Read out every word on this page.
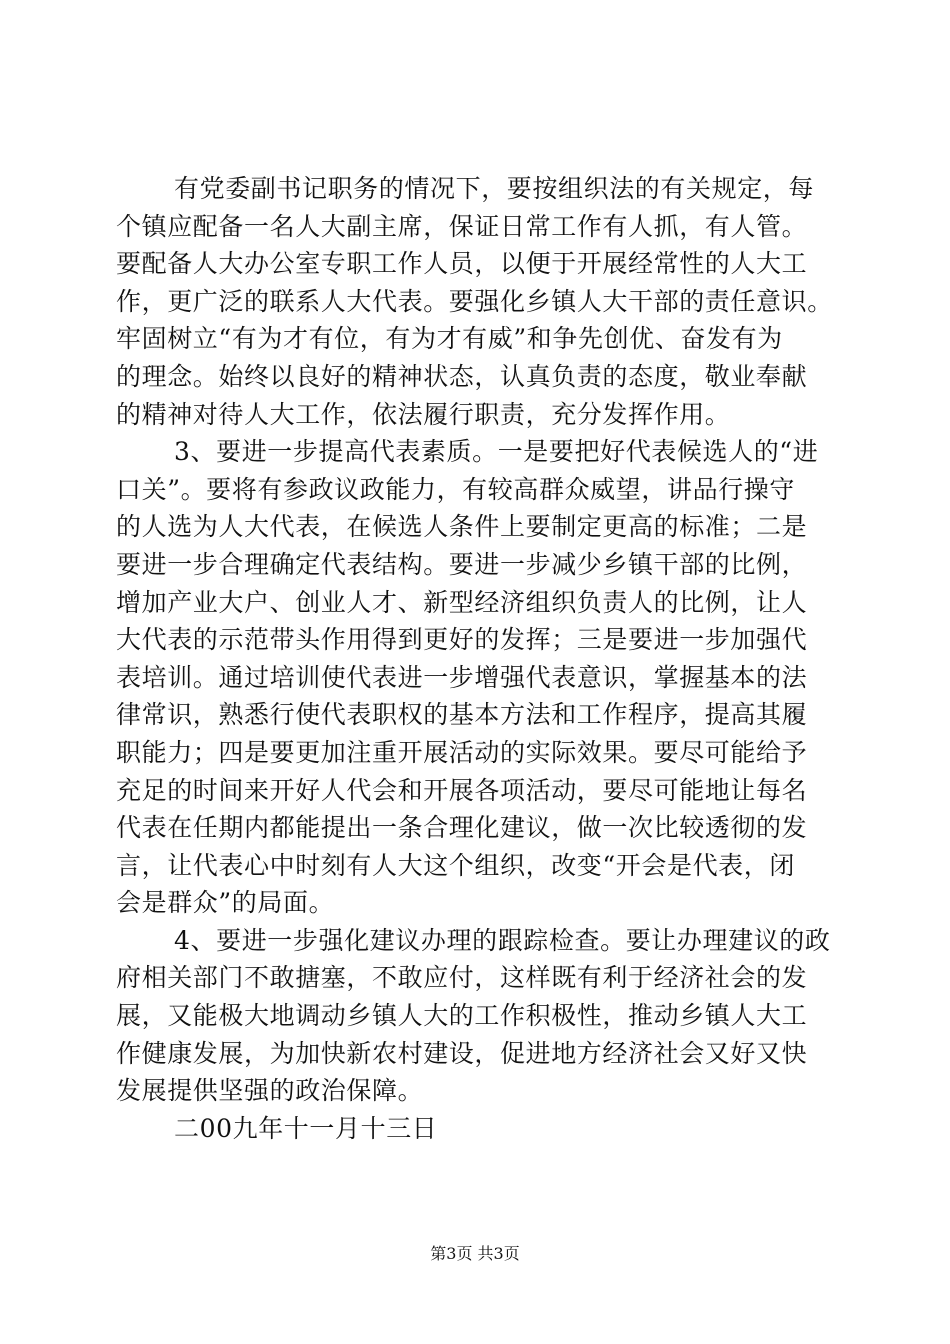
有党委副书记职务的情况下，要按组织法的有关规定，每
个镇应配备一名人大副主席，保证日常工作有人抓，有人管。
要配备人大办公室专职工作人员，以便于开展经常性的人大工
作，更广泛的联系人大代表。要强化乡镇人大干部的责任意识。
牢固树立“有为才有位，有为才有威”和争先创优、奋发有为
的理念。始终以良好的精神状态，认真负责的态度，敬业奉献
的精神对待人大工作，依法履行职责，充分发挥作用。
3、要进一步提高代表素质。一是要把好代表候选人的“进
口关”。要将有参政议政能力，有较高群众威望，讲品行操守
的人选为人大代表，在候选人条件上要制定更高的标准；二是
要进一步合理确定代表结构。要进一步减少乡镇干部的比例，
增加产业大户、创业人才、新型经济组织负责人的比例，让人
大代表的示范带头作用得到更好的发挥；三是要进一步加强代
表培训。通过培训使代表进一步增强代表意识，掌握基本的法
律常识，熟悉行使代表职权的基本方法和工作程序，提高其履
职能力；四是要更加注重开展活动的实际效果。要尽可能给予
充足的时间来开好人代会和开展各项活动，要尽可能地让每名
代表在任期内都能提出一条合理化建议，做一次比较透彻的发
言，让代表心中时刻有人大这个组织，改变“开会是代表，闭
会是群众”的局面。
4、要进一步强化建议办理的跟踪检查。要让办理建议的政
府相关部门不敢搪塞，不敢应付，这样既有利于经济社会的发
展，又能极大地调动乡镇人大的工作积极性，推动乡镇人大工
作健康发展，为加快新农村建设，促进地方经济社会又好又快
发展提供坚强的政治保障。
二00九年十一月十三日
第3页 共3页
